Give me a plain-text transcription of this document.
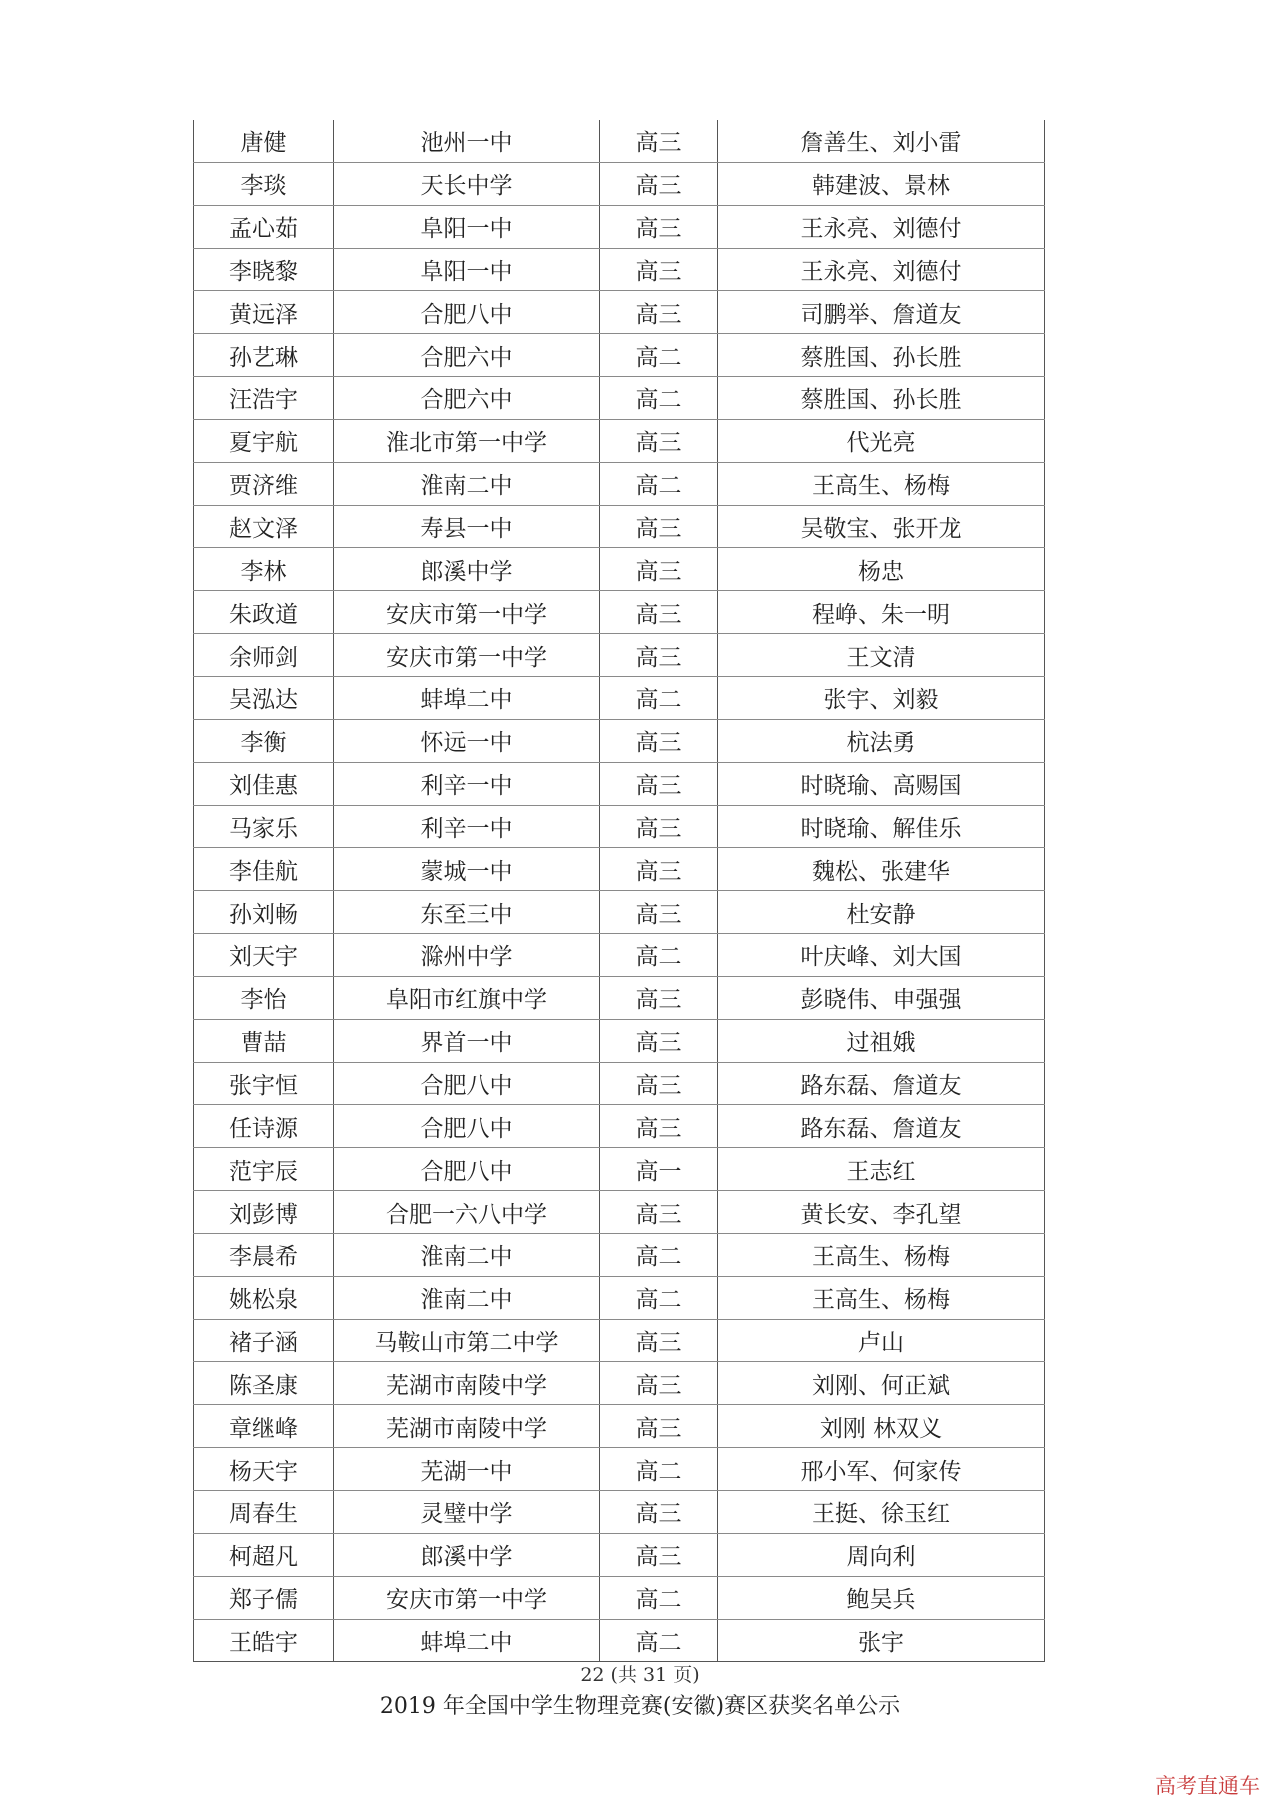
唐健	池州一中	高三	詹善生、刘小雷
李琰	天长中学	高三	韩建波、景林
孟心茹	阜阳一中	高三	王永亮、刘德付
李晓黎	阜阳一中	高三	王永亮、刘德付
黄远泽	合肥八中	高三	司鹏举、詹道友
孙艺琳	合肥六中	高二	蔡胜国、孙长胜
汪浩宇	合肥六中	高二	蔡胜国、孙长胜
夏宇航	淮北市第一中学	高三	代光亮
贾济维	淮南二中	高二	王高生、杨梅
赵文泽	寿县一中	高三	吴敬宝、张开龙
李林	郎溪中学	高三	杨忠
朱政道	安庆市第一中学	高三	程峥、朱一明
余师剑	安庆市第一中学	高三	王文清
吴泓达	蚌埠二中	高二	张宇、刘毅
李衡	怀远一中	高三	杭法勇
刘佳惠	利辛一中	高三	时晓瑜、高赐国
马家乐	利辛一中	高三	时晓瑜、解佳乐
李佳航	蒙城一中	高三	魏松、张建华
孙刘畅	东至三中	高三	杜安静
刘天宇	滁州中学	高二	叶庆峰、刘大国
李怡	阜阳市红旗中学	高三	彭晓伟、申强强
曹喆	界首一中	高三	过祖娥
张宇恒	合肥八中	高三	路东磊、詹道友
任诗源	合肥八中	高三	路东磊、詹道友
范宇辰	合肥八中	高一	王志红
刘彭博	合肥一六八中学	高三	黄长安、李孔望
李晨希	淮南二中	高二	王高生、杨梅
姚松泉	淮南二中	高二	王高生、杨梅
褚子涵	马鞍山市第二中学	高三	卢山
陈圣康	芜湖市南陵中学	高三	刘刚、何正斌
章继峰	芜湖市南陵中学	高三	刘刚 林双义
杨天宇	芜湖一中	高二	邢小军、何家传
周春生	灵璧中学	高三	王挺、徐玉红
柯超凡	郎溪中学	高三	周向利
郑子儒	安庆市第一中学	高二	鲍吴兵
王皓宇	蚌埠二中	高二	张宇
22 (共 31 页)
2019 年全国中学生物理竞赛(安徽)赛区获奖名单公示
高考直通车
